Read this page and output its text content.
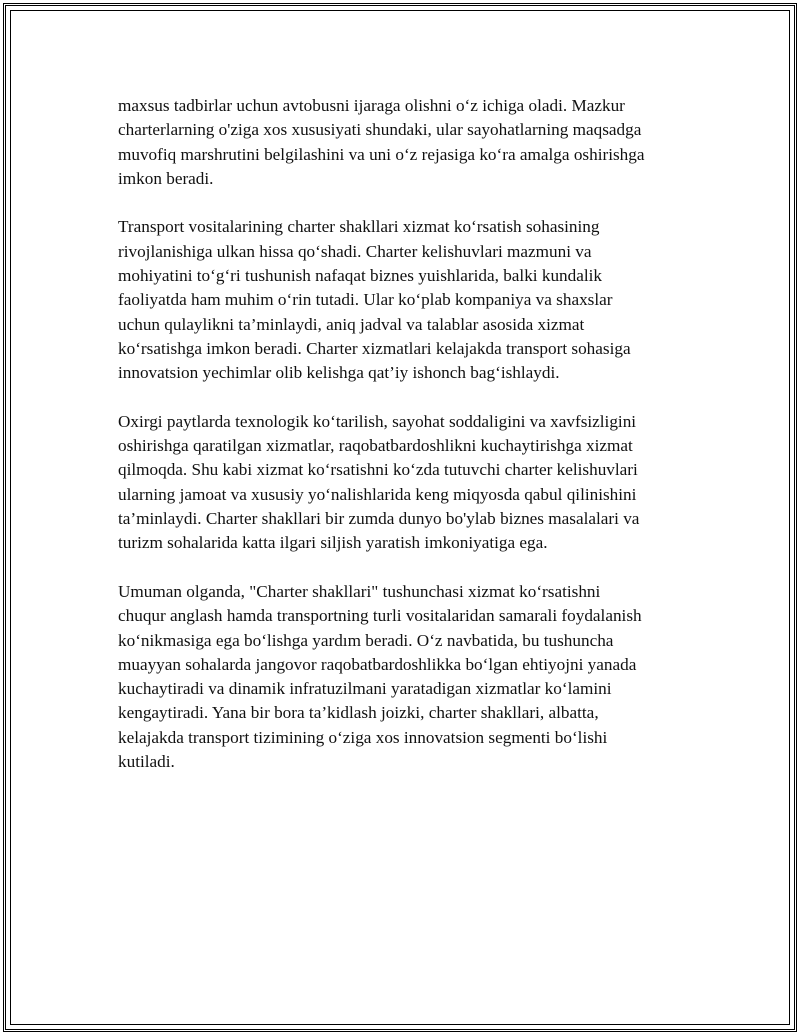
maxsus tadbirlar uchun avtobusni ijaraga olishni o‘z ichiga oladi. Mazkur
charterlarning o'ziga xos xususiyati shundaki, ular sayohatlarning maqsadga
muvofiq marshrutini belgilashini va uni o‘z rejasiga ko‘ra amalga oshirishga
imkon beradi.

Transport vositalarining charter shakllari xizmat ko‘rsatish sohasining
rivojlanishiga ulkan hissa qo‘shadi. Charter kelishuvlari mazmuni va
mohiyatini to‘g‘ri tushunish nafaqat biznes yuishlarida, balki kundalik
faoliyatda ham muhim o‘rin tutadi. Ular ko‘plab kompaniya va shaxslar
uchun qulaylikni ta’minlaydi, aniq jadval va talablar asosida xizmat
ko‘rsatishga imkon beradi. Charter xizmatlari kelajakda transport sohasiga
innovatsion yechimlar olib kelishga qat’iy ishonch bag‘ishlaydi.

Oxirgi paytlarda texnologik ko‘tarilish, sayohat soddaligini va xavfsizligini
oshirishga qaratilgan xizmatlar, raqobatbardoshlikni kuchaytirishga xizmat
qilmoqda. Shu kabi xizmat ko‘rsatishni ko‘zda tutuvchi charter kelishuvlari
ularning jamoat va xususiy yo‘nalishlarida keng miqyosda qabul qilinishini
ta’minlaydi. Charter shakllari bir zumda dunyo bo'ylab biznes masalalari va
turizm sohalarida katta ilgari siljish yaratish imkoniyatiga ega.

Umuman olganda, "Charter shakllari" tushunchasi xizmat ko‘rsatishni
chuqur anglash hamda transportning turli vositalaridan samarali foydalanish
ko‘nikmasiga ega bo‘lishga yardım beradi. O‘z navbatida, bu tushuncha
muayyan sohalarda jangovor raqobatbardoshlikka bo‘lgan ehtiyojni yanada
kuchaytiradi va dinamik infratuzilmani yaratadigan xizmatlar ko‘lamini
kengaytiradi. Yana bir bora ta’kidlash joizki, charter shakllari, albatta,
kelajakda transport tizimining o‘ziga xos innovatsion segmenti bo‘lishi
kutiladi.
